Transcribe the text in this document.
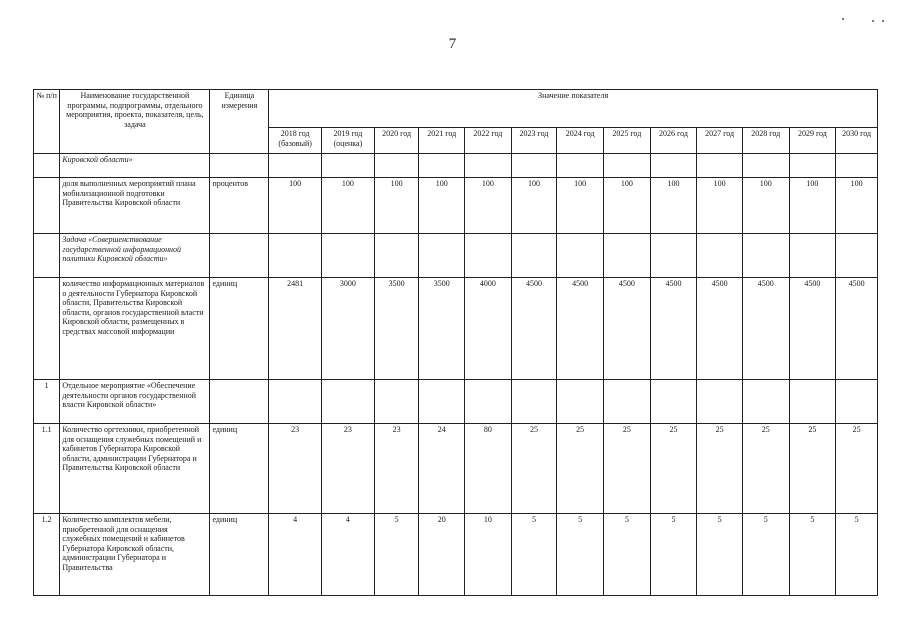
7
№ п/п	Наименование государственной программы, подпрограммы, отдельного мероприятия, проекта, показателя, цель, задача	Единица измерения	Значение показателя												
			2018 год (базовый)	2019 год (оценка)	2020 год	2021 год	2022 год	2023 год	2024 год	2025 год	2026 год	2027 год	2028 год	2029 год	2030 год
	Кировской области»														
	доля выполненных мероприятий плана мобилизационной подготовки Правительства Кировской области	процентов	100	100	100	100	100	100	100	100	100	100	100	100	100
	Задача «Совершенствование государственной информационной политики Кировской области»														
	количество информационных материалов о деятельности Губернатора Кировской области, Правительства Кировской области, органов государственной власти Кировской области, размещенных в средствах массовой информации	единиц	2481	3000	3500	3500	4000	4500	4500	4500	4500	4500	4500	4500	4500
1	Отдельное мероприятие «Обеспечение деятельности органов государственной власти Кировской области»														
1.1	Количество оргтехники, приобретенной для оснащения служебных помещений и кабинетов Губернатора Кировской области, администрации Губернатора и Правительства Кировской области	единиц	23	23	23	24	80	25	25	25	25	25	25	25	25
1.2	Количество комплектов мебели, приобретенной для оснащения служебных помещений и кабинетов Губернатора Кировской области, администрации Губернатора и Правительства	единиц	4	4	5	20	10	5	5	5	5	5	5	5	5
